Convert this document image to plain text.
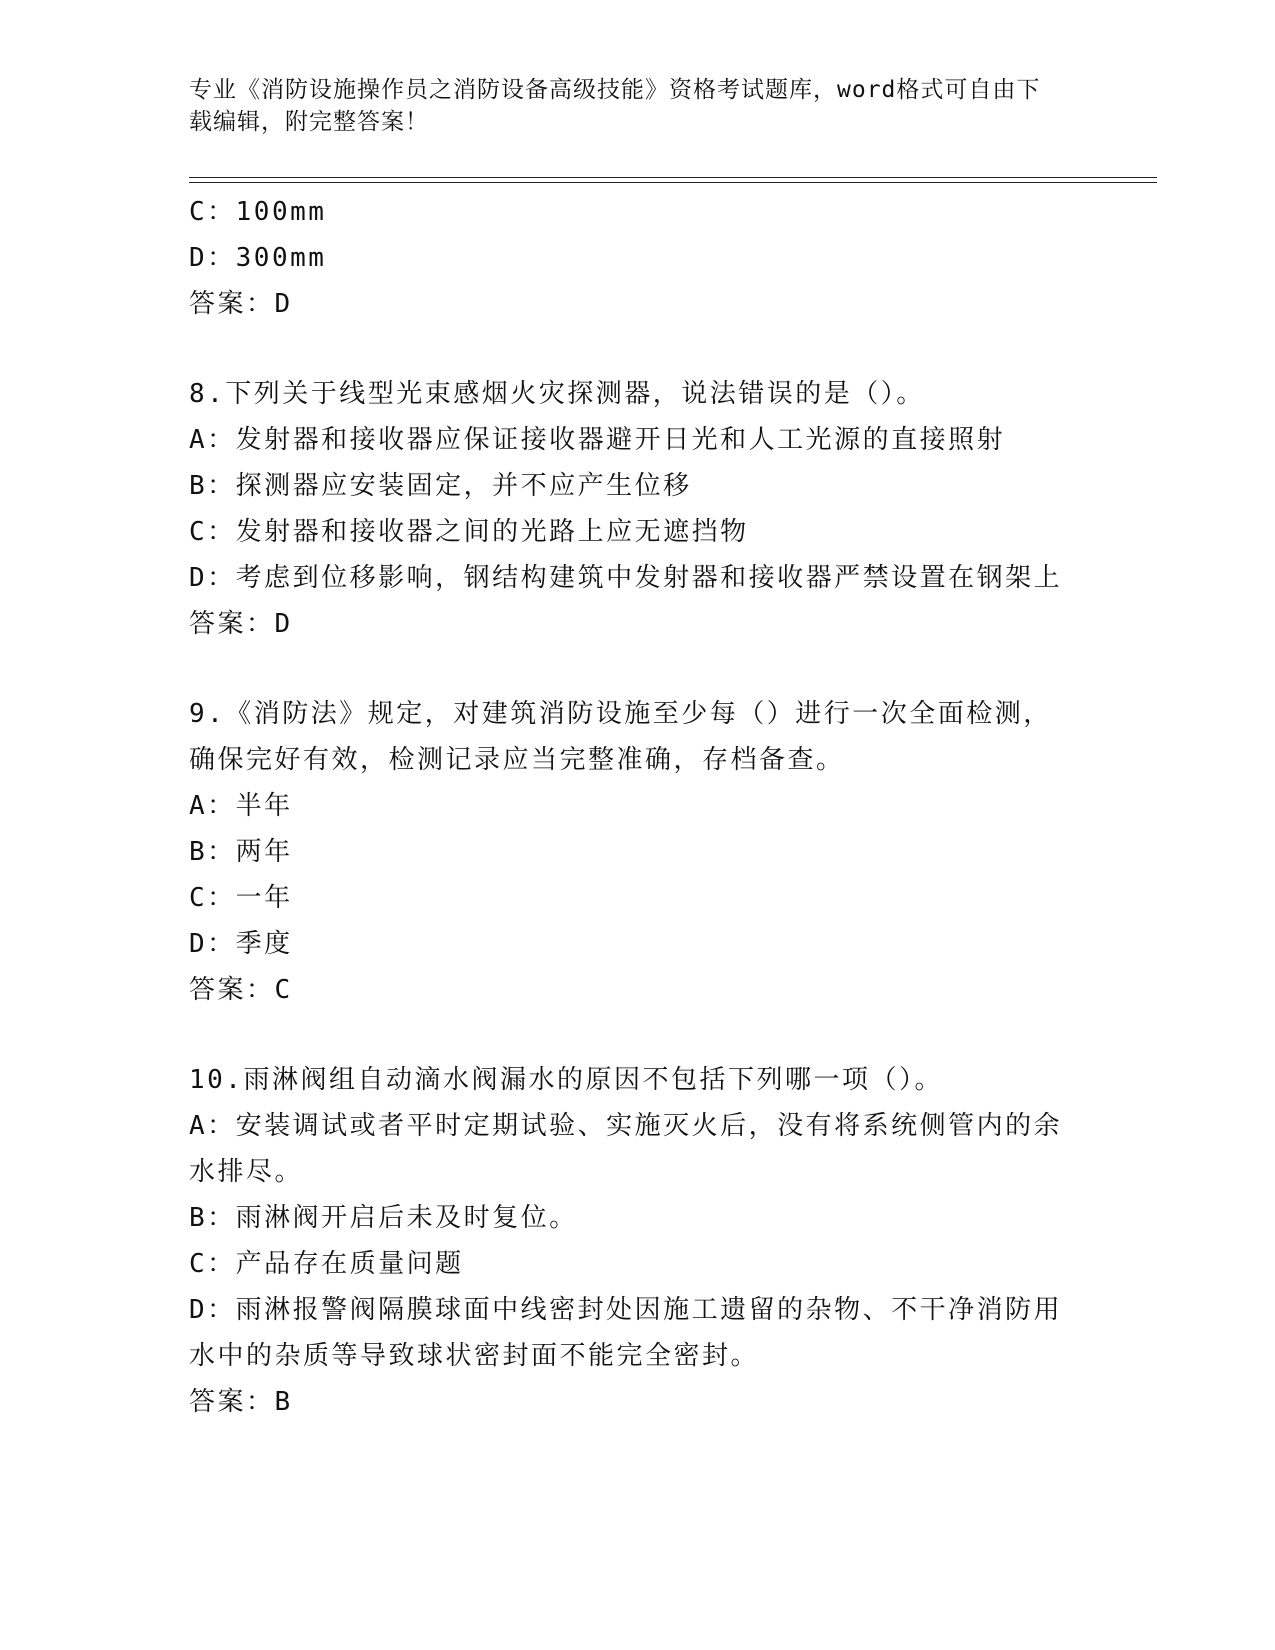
专业《消防设施操作员之消防设备高级技能》资格考试题库，word格式可自由下
载编辑，附完整答案！
C：100mm
D：300mm
答案：D
8.下列关于线型光束感烟火灾探测器，说法错误的是（）。
A：发射器和接收器应保证接收器避开日光和人工光源的直接照射
B：探测器应安装固定，并不应产生位移
C：发射器和接收器之间的光路上应无遮挡物
D：考虑到位移影响，钢结构建筑中发射器和接收器严禁设置在钢架上
答案：D
9.《消防法》规定，对建筑消防设施至少每（）进行一次全面检测，
确保完好有效，检测记录应当完整准确，存档备查。
A：半年
B：两年
C：一年
D：季度
答案：C
10.雨淋阀组自动滴水阀漏水的原因不包括下列哪一项（）。
A：安装调试或者平时定期试验、实施灭火后，没有将系统侧管内的余
水排尽。
B：雨淋阀开启后未及时复位。
C：产品存在质量问题
D：雨淋报警阀隔膜球面中线密封处因施工遗留的杂物、不干净消防用
水中的杂质等导致球状密封面不能完全密封。
答案：B
